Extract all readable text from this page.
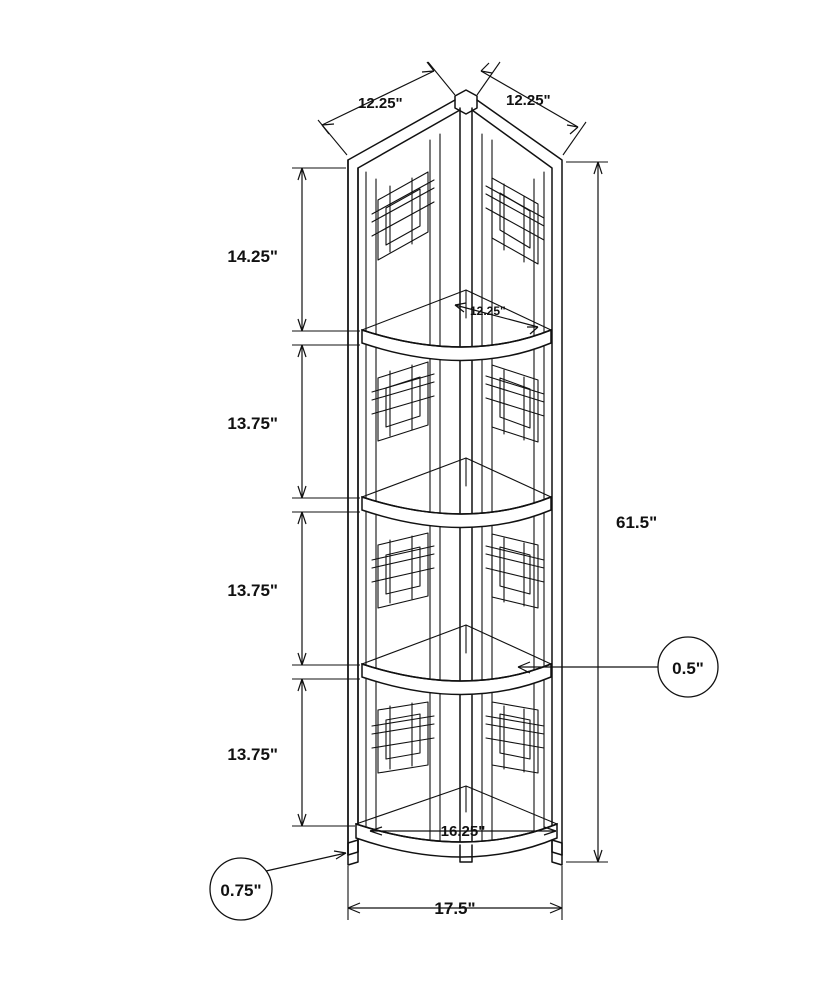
12.25"	12.25"
12.25"
14.25"
13.75"
13.75"
13.75"
61.5"
0.5"
0.75"
16.25"
17.5"
